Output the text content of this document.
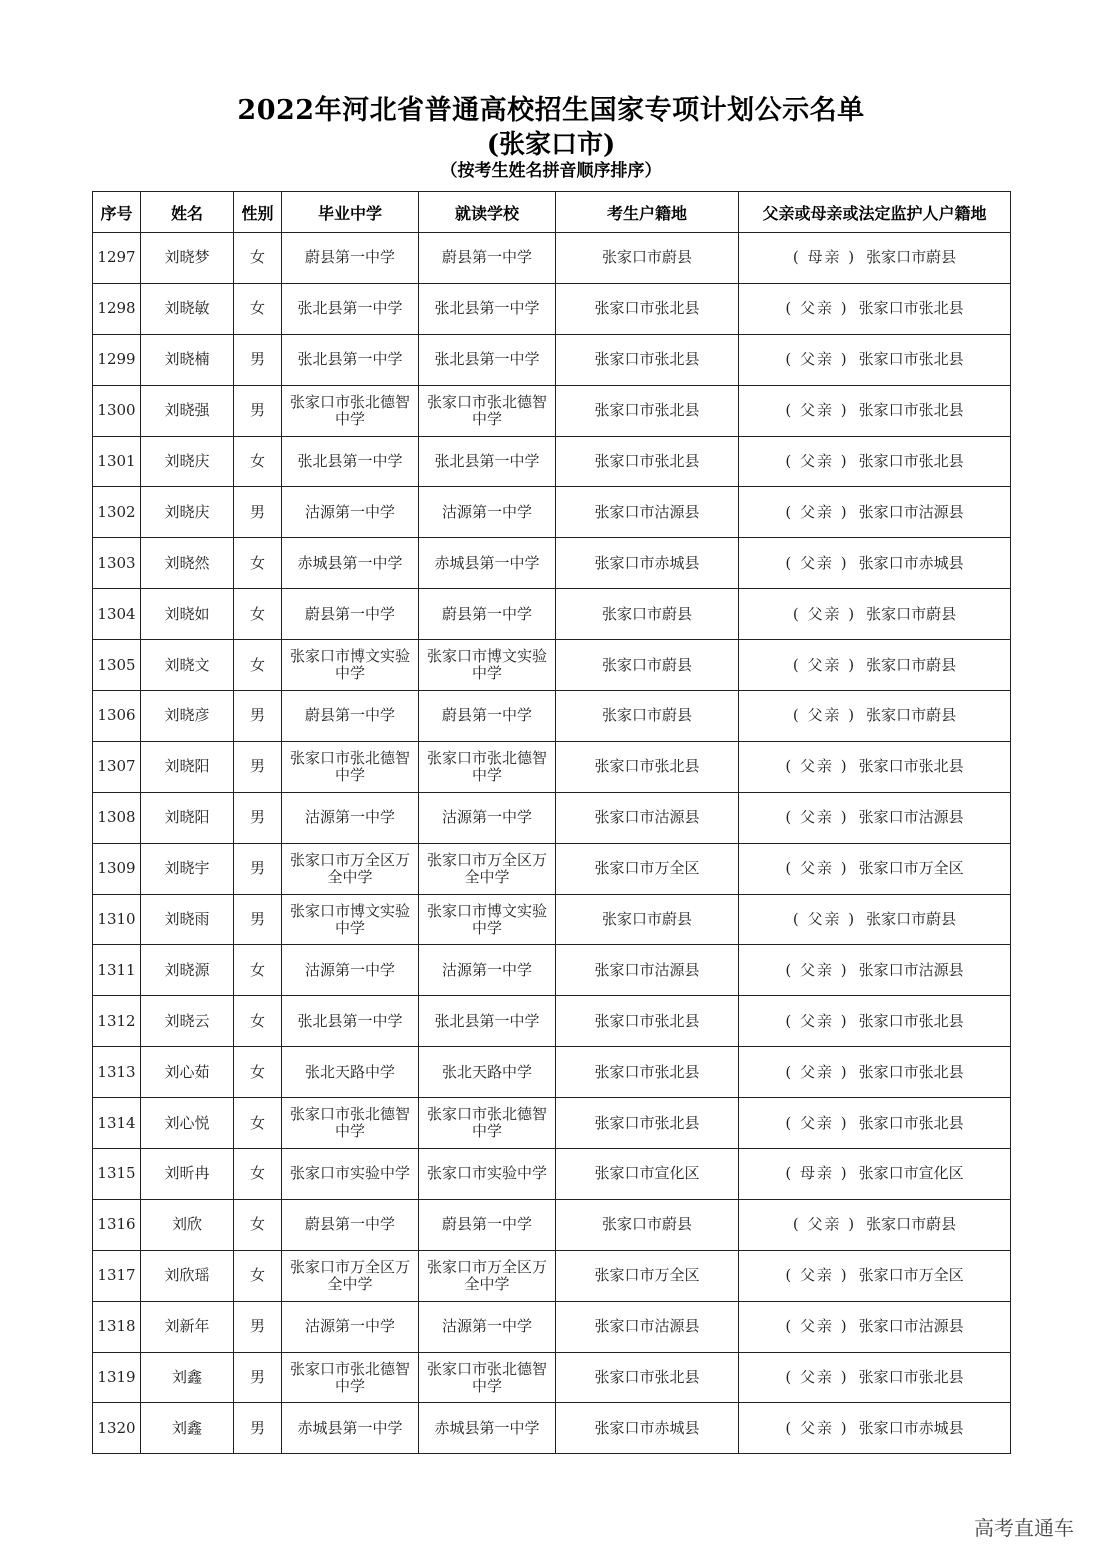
2022年河北省普通高校招生国家专项计划公示名单
(张家口市)
（按考生姓名拼音顺序排序）
序号	姓名	性别	毕业中学	就读学校	考生户籍地	父亲或母亲或法定监护人户籍地
1297	刘晓梦	女	蔚县第一中学	蔚县第一中学	张家口市蔚县	( 母亲 ) 张家口市蔚县
1298	刘晓敏	女	张北县第一中学	张北县第一中学	张家口市张北县	( 父亲 ) 张家口市张北县
1299	刘晓楠	男	张北县第一中学	张北县第一中学	张家口市张北县	( 父亲 ) 张家口市张北县
1300	刘晓强	男	张家口市张北德智中学	张家口市张北德智中学	张家口市张北县	( 父亲 ) 张家口市张北县
1301	刘晓庆	女	张北县第一中学	张北县第一中学	张家口市张北县	( 父亲 ) 张家口市张北县
1302	刘晓庆	男	沽源第一中学	沽源第一中学	张家口市沽源县	( 父亲 ) 张家口市沽源县
1303	刘晓然	女	赤城县第一中学	赤城县第一中学	张家口市赤城县	( 父亲 ) 张家口市赤城县
1304	刘晓如	女	蔚县第一中学	蔚县第一中学	张家口市蔚县	( 父亲 ) 张家口市蔚县
1305	刘晓文	女	张家口市博文实验中学	张家口市博文实验中学	张家口市蔚县	( 父亲 ) 张家口市蔚县
1306	刘晓彦	男	蔚县第一中学	蔚县第一中学	张家口市蔚县	( 父亲 ) 张家口市蔚县
1307	刘晓阳	男	张家口市张北德智中学	张家口市张北德智中学	张家口市张北县	( 父亲 ) 张家口市张北县
1308	刘晓阳	男	沽源第一中学	沽源第一中学	张家口市沽源县	( 父亲 ) 张家口市沽源县
1309	刘晓宇	男	张家口市万全区万全中学	张家口市万全区万全中学	张家口市万全区	( 父亲 ) 张家口市万全区
1310	刘晓雨	男	张家口市博文实验中学	张家口市博文实验中学	张家口市蔚县	( 父亲 ) 张家口市蔚县
1311	刘晓源	女	沽源第一中学	沽源第一中学	张家口市沽源县	( 父亲 ) 张家口市沽源县
1312	刘晓云	女	张北县第一中学	张北县第一中学	张家口市张北县	( 父亲 ) 张家口市张北县
1313	刘心茹	女	张北天路中学	张北天路中学	张家口市张北县	( 父亲 ) 张家口市张北县
1314	刘心悦	女	张家口市张北德智中学	张家口市张北德智中学	张家口市张北县	( 父亲 ) 张家口市张北县
1315	刘昕冉	女	张家口市实验中学	张家口市实验中学	张家口市宣化区	( 母亲 ) 张家口市宣化区
1316	刘欣	女	蔚县第一中学	蔚县第一中学	张家口市蔚县	( 父亲 ) 张家口市蔚县
1317	刘欣瑶	女	张家口市万全区万全中学	张家口市万全区万全中学	张家口市万全区	( 父亲 ) 张家口市万全区
1318	刘新年	男	沽源第一中学	沽源第一中学	张家口市沽源县	( 父亲 ) 张家口市沽源县
1319	刘鑫	男	张家口市张北德智中学	张家口市张北德智中学	张家口市张北县	( 父亲 ) 张家口市张北县
1320	刘鑫	男	赤城县第一中学	赤城县第一中学	张家口市赤城县	( 父亲 ) 张家口市赤城县
高考直通车
